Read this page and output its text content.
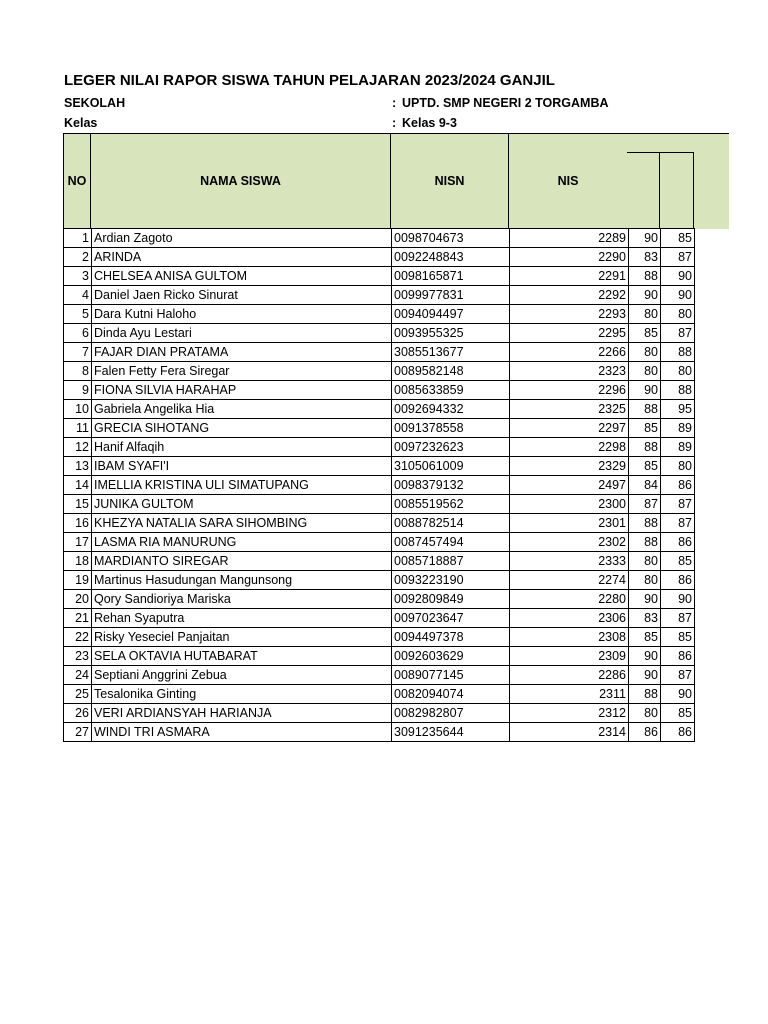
LEGER NILAI RAPOR SISWA TAHUN PELAJARAN 2023/2024 GANJIL
SEKOLAH	: UPTD. SMP NEGERI 2 TORGAMBA
Kelas	: Kelas 9-3
NO	NAMA SISWA	NISN	NIS
1	Ardian Zagoto	0098704673	2289	90	85
2	ARINDA	0092248843	2290	83	87
3	CHELSEA ANISA GULTOM	0098165871	2291	88	90
4	Daniel Jaen Ricko Sinurat	0099977831	2292	90	90
5	Dara Kutni Haloho	0094094497	2293	80	80
6	Dinda Ayu Lestari	0093955325	2295	85	87
7	FAJAR DIAN PRATAMA	3085513677	2266	80	88
8	Falen Fetty Fera Siregar	0089582148	2323	80	80
9	FIONA SILVIA HARAHAP	0085633859	2296	90	88
10	Gabriela Angelika Hia	0092694332	2325	88	95
11	GRECIA SIHOTANG	0091378558	2297	85	89
12	Hanif Alfaqih	0097232623	2298	88	89
13	IBAM SYAFI'I	3105061009	2329	85	80
14	IMELLIA KRISTINA ULI SIMATUPANG	0098379132	2497	84	86
15	JUNIKA GULTOM	0085519562	2300	87	87
16	KHEZYA NATALIA SARA SIHOMBING	0088782514	2301	88	87
17	LASMA RIA MANURUNG	0087457494	2302	88	86
18	MARDIANTO SIREGAR	0085718887	2333	80	85
19	Martinus Hasudungan Mangunsong	0093223190	2274	80	86
20	Qory Sandioriya Mariska	0092809849	2280	90	90
21	Rehan Syaputra	0097023647	2306	83	87
22	Risky Yeseciel Panjaitan	0094497378	2308	85	85
23	SELA OKTAVIA HUTABARAT	0092603629	2309	90	86
24	Septiani Anggrini Zebua	0089077145	2286	90	87
25	Tesalonika Ginting	0082094074	2311	88	90
26	VERI ARDIANSYAH HARIANJA	0082982807	2312	80	85
27	WINDI TRI ASMARA	3091235644	2314	86	86
